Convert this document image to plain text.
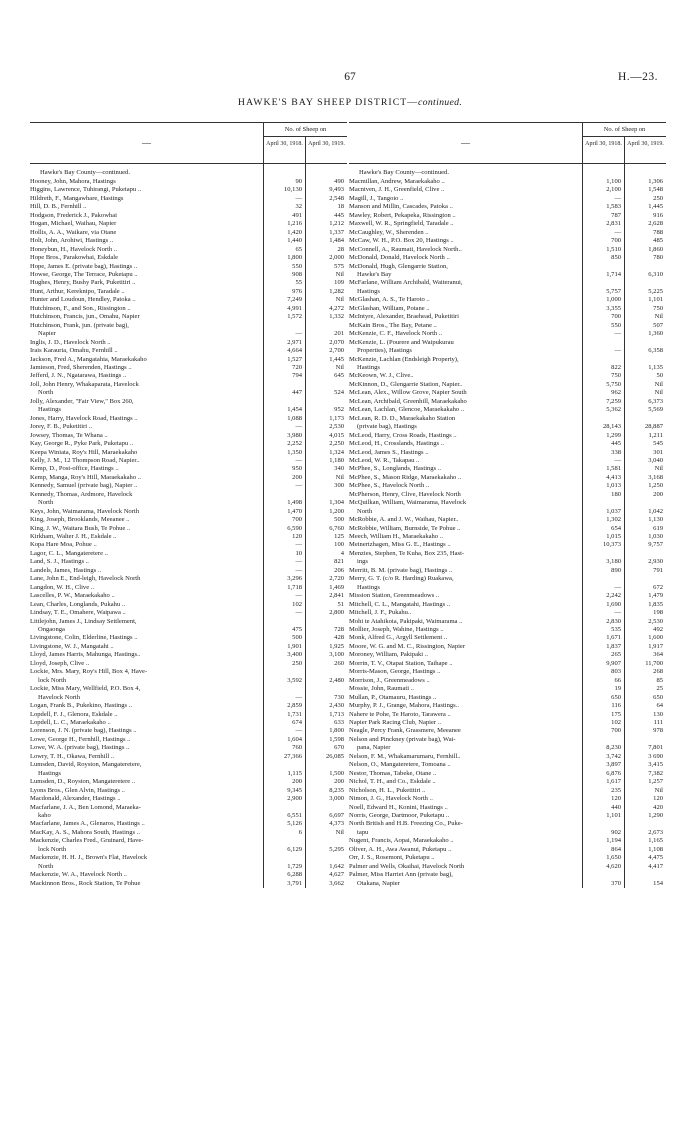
67	H.—23.
HAWKE'S BAY SHEEP DISTRICT—continued.
—
No. of Sheep on
April 30, 1918. April 30, 1919.
Hawke's Bay County—continued.
Hooney, John, Mahora, Hastings	90	490
Higgins, Lawrence, Tuhirangi, Puketapu ..	10,130	9,493
Hildreth, F., Mangawhare, Hastings	—	2,548
Hill, D. B., Fernhill ..	32	18
Hodgson, Frederick J., Pakowhai	491	445
Hogan, Michael, Waihau, Napier	1,216	1,212
Hollis, A. A., Waikare, via Otane	1,420	1,337
Holt, John, Arohiwi, Hastings ..	1,440	1,484
Honeybun, H., Havelock North ..	65	28
Hope Bros., Parakowhai, Eskdale	1,800	2,000
Hope, James E. (private bag), Hastings ..	550	575
Howse, George, The Terrace, Puketapu ..	908	Nil
Hughes, Henry, Bushy Park, Puketitiri ..	55	109
Hunt, Arthur, Kereknipo, Taradale ..	976	1,282
Hunter and Loudoun, Hendley, Patoka ..	7,249	Nil
Hutchinson, F., and Son., Rissington ..	4,991	4,272
Hutchinson, Francis, jun., Omahu, Napier	1,572	1,332
Hutchinson, Frank, jun. (private bag),
Napier	—	201
Inglis, J. D., Havelock North ..	2,971	2,070
Irais Karauria, Omahu, Fernhill ..	4,664	2,700
Jackson, Fred A., Mangatahia, Maraekakaho	1,527	1,445
Jamieson, Fred, Sherenden, Hastings ..	720	Nil
Jefferd, J. N., Ngatarawa, Hastings ..	794	645
Joll, John Henry, Whakaparata, Havelock
North	447	524
Jolly, Alexander, "Fair View," Box 260,
Hastings	1,454	952
Jones, Harry, Havelock Road, Hastings ..	1,088	1,173
Jorey, F. B., Puketitiri ..	—	2,530
Jowsey, Thomas, Te Whana ..	3,980	4,015
Kay, George R., Pyke Park, Puketapu ..	2,252	2,250
Keepa Winiata, Roy's Hill, Maraekakaho	1,350	1,324
Kelly, J. M., 12 Thompson Road, Napier..	—	1,180
Kemp, D., Post-office, Hastings ..	950	340
Kemp, Manga, Roy's Hill, Maraekakaho ..	200	Nil
Kennedy, Samuel (private bag), Napier ..	—	300
Kennedy, Thomas, Ardmore, Havelock
North	1,498	1,304
Keys, John, Waimarama, Havelock North	1,470	1,200
King, Joseph, Brooklands, Meeanee ..	700	500
King, J. W., Waitara Bush, Te Pohue ..	6,590	6,760
Kirkham, Walter J. H., Eskdale ..	120	125
Kopa Hare Moa, Pohue ..	—	100
Lagor, C. L., Mangateretere ..	10	4
Land, S. J., Hastings ..	—	821
Landels, James, Hastings ..	—	206
Lane, John E., End-leigh, Havelock North	3,296	2,720
Langdon, W. H., Clive ..	1,718	1,469
Lascelles, P. W., Maraekakaho ..	—	2,841
Lean, Charles, Longlands, Pukahu ..	102	51
Lindsay, T. E., Omahere, Waipawa ..	—	2,800
Littlejohn, James J., Lindsay Settlement,
Ongaonga	475	728
Livingstone, Colin, Elderline, Hastings ..	500	428
Livingstone, W. J., Mangatahi ..	1,901	1,925
Lloyd, James Harris, Mahunga, Hastings..	3,400	3,100
Lloyd, Joseph, Clive ..	250	260
Lockie, Mrs. Mary, Roy's Hill, Box 4, Have-
lock North	3,592	2,480
Lockie, Miss Mary, Wellfield, P.O. Box 4,
Havelock North	—	730
Logan, Frank B., Pukekino, Hastings ..	2,859	2,430
Lopdell, F. J., Glenora, Eskdale ..	1,731	1,713
Lopdell, L. C., Maraekakaho ..	674	633
Lorenson, J. N. (private bag), Hastings ..	—	1,800
Lowe, George H., Fernhill, Hastings ..	1,604	1,598
Lowe, W. A. (private bag), Hastings ..	760	670
Lowry, T. H., Okawa, Fernhill ..	27,366	26,085
Lumsden, David, Royston, Mangateretere,
Hastings	1,115	1,500
Lumsden, D., Royston, Mangateretere ..	200	200
Lyons Bros., Glen Alvin, Hastings ..	9,345	8,235
Macdonald, Alexander, Hastings ..	2,900	3,000
Macfarlane, J. A., Ben Lomond, Maraeka-
kaho	6,551	6,697
Macfarlane, James A., Glenaros, Hastings ..	5,126	4,373
MacKay, A. S., Mahora South, Hastings ..	6	Nil
Mackenzie, Charles Fred., Gruinard, Have-
lock North	6,129	5,295
Mackenzie, H. H. J., Brown's Flat, Havelock
North	1,729	1,642
Mackenzie, W. A., Havelock North ..	6,288	4,627
Mackinnon Bros., Rock Station, Te Pohue	3,791	3,662
—
No. of Sheep on
April 30, 1918. April 30, 1919.
Hawke's Bay County—continued.
Macmillan, Andrew, Maraekakaho ..	1,100	1,306
Macniven, J. H., Greenfield, Clive ..	2,100	1,548
Magill, J., Tangoio ..	—	250
Manson and Millin, Cascades, Patoka ..	1,583	1,445
Mawley, Robert, Pekapeka, Rissington ..	787	916
Maxwell, W. R., Springfield, Taradale ..	2,831	2,628
McCaughley, W., Sherenden ..	—	788
McCaw, W. H., P.O. Box 20, Hastings ..	700	485
McConnell, A., Raumati, Havelock North..	1,510	1,860
McDonald, Donald, Havelock North ..	850	780
McDonald, Hugh, Glengarrie Station,
Hawke's Bay	1,714	6,310
McFarlane, William Archibald, Waiteranui,
Hastings	5,757	5,225
McGlashan, A. S., Te Haroto ..	1,000	1,101
McGlashan, William, Potane ..	3,355	750
McIntyre, Alexander, Braehead, Puketitiri	700	Nil
McKain Bros., The Bay, Petane ..	550	507
McKenzie, C. F., Havelock North ..	—	1,360
McKenzie, L. (Pourere and Waipukurau
Properties), Hastings	—	6,358
McKenzie, Lachlan (Endsleigh Property),
Hastings	822	1,135
McKeown, W. J., Clive..	750	50
McKinnon, D., Glengarrie Station, Napier..	5,750	Nil
McLean, Alex., Willow Grove, Napier South	962	Nil
McLean, Archibald, Greenhill, Maraekakaho	7,259	6,373
McLean, Lachlan, Glencoe, Maraekakaho ..	5,362	5,569
McLean, R. D. D., Maraekakaho Station
(private bag), Hastings	28,143	28,887
McLeod, Harry, Cross Roads, Hastings ..	1,299	1,211
McLeod, H., Crosslands, Hastings ..	445	545
McLeod, James S., Hastings ..	338	301
McLeod, W. R., Takapau ..	—	3,040
McPhee, S., Longlands, Hastings ..	1,581	Nil
McPhee, S., Mason Ridge, Maraekakaho ..	4,413	3,168
McPhee, S., Havelock North ..	1,013	1,250
McPherson, Henry, Clive, Havelock North	180	200
McQuilkan, William, Waimarama, Havelock
North	1,037	1,042
McRobbie, A. and J. W., Waihau, Napier..	1,302	1,130
McRobbie, William, Burnside, Te Pohue ..	654	619
Meech, William H., Maraekakaho ..	1,015	1,030
Meinertzhagen, Miss G. E., Hastings ..	10,373	9,757
Menzies, Stephen, Te Kuha, Box 235, Hast-
ings	3,180	2,930
Merritt, B. M. (private bag), Hastings ..	890	791
Merry, G. T. (c/o R. Harding) Ruakawa,
Hastings	—	672
Mission Station, Greenmeadows ..	2,242	1,479
Mitchell, C. L., Mangatahi, Hastings ..	1,690	1,835
Mitchell, J. F., Pukahu..	—	198
Mohi te Atahikoia, Pakipaki, Waimarama ..	2,830	2,530
Mollier, Joseph, Wahine, Hastings ..	535	492
Monk, Alfred G., Argyll Settlement ..	1,671	1,600
Moore, W. G. and M. C., Rissington, Napier	1,837	1,917
Moroney, William, Pakipaki ..	265	364
Morrin, T. V., Otapai Station, Taihape ..	9,907	11,700
Morris-Mason, George, Hastings ..	803	268
Morrison, J., Greenmeadows ..	66	85
Mossie, John, Raumati ..	19	25
Mullan, P., Otamauru, Hastings ..	650	650
Murphy, P. J., Grange, Mahora, Hastings..	116	64
Nahere te Pohe, Te Haroto, Tarawera ..	175	130
Napier Park Racing Club, Napier ..	102	111
Neagle, Percy Frank, Grassmere, Meeanee	700	978
Nelson and Pinckney (private bag), Wai-
pana, Napier	8,230	7,801
Nelson, F. M., Whakamarumaru, Fernhill..	3,742	3 690
Nelson, O., Mangateretere, Tomoana ..	3,897	3,415
Nestor, Thomas, Tabeke, Otane ..	6,876	7,382
Nichol, T. H., and Co., Eskdale ..	1,617	1,257
Nicholson, H. L., Puketitiri ..	235	Nil
Nimon, J. G., Havelock North ..	120	120
Noell, Edward H., Konini, Hastings ..	440	420
Norris, George, Dartmoor, Puketapu ..	1,101	1,290
North British and H.B. Freezing Co., Puke-
tapu	902	2,673
Nugent, Francis, Aopai, Maraekakaho ..	1,194	1,165
Oliver, A. H., Awa Awanui, Puketapu ..	864	1,108
Orr, J. S., Rosemont, Puketapu ..	1,650	4,475
Palmer and Wells, Okaihai, Havelock North	4,620	4,417
Palmer, Miss Harriet Ann (private bag),
Otakana, Napier	370	154
